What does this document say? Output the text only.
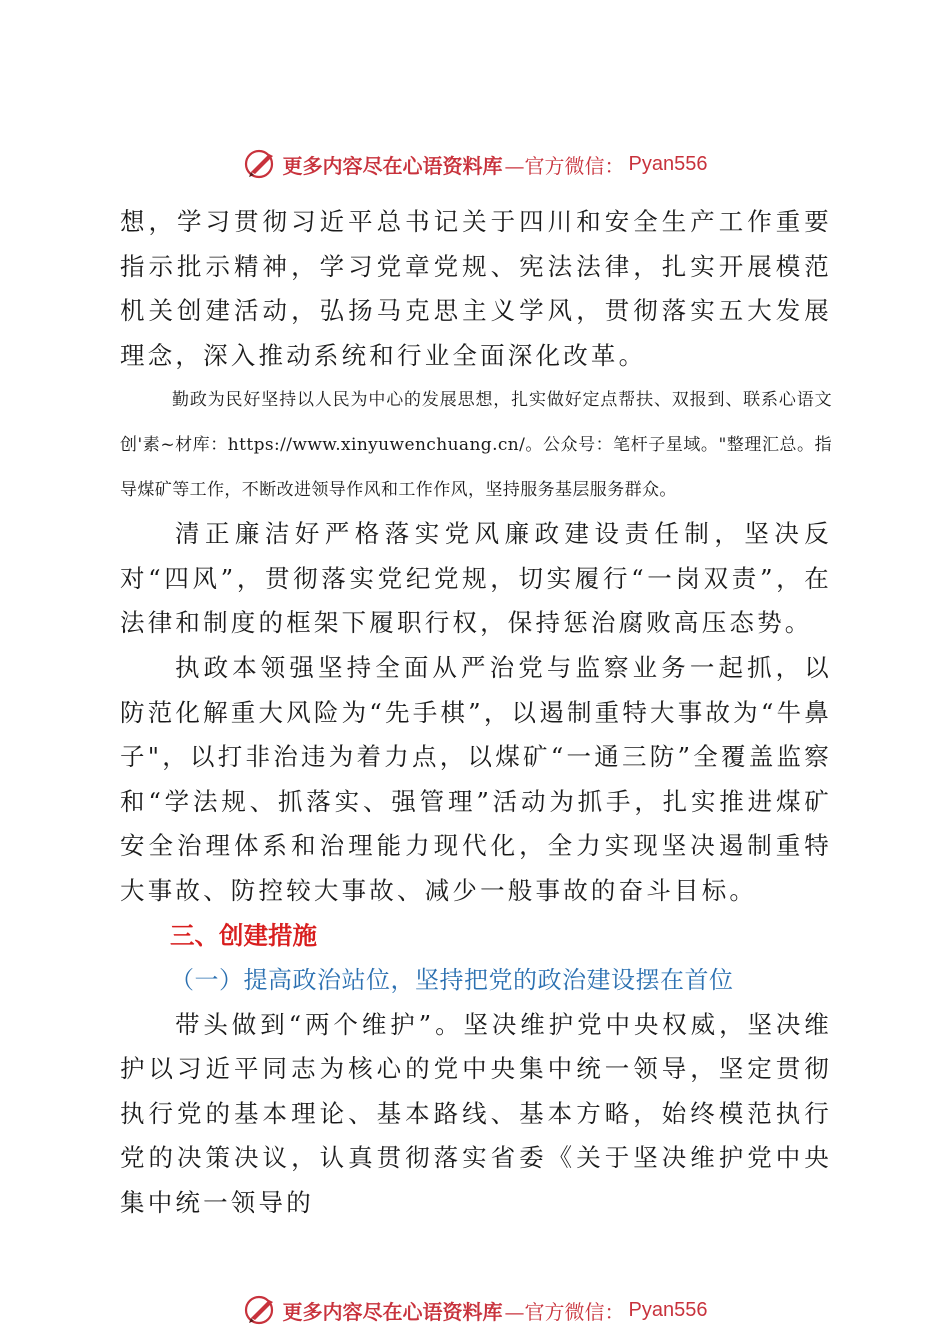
更多内容尽在心语资料库 —官方微信： Pyan556

想，学习贯彻习近平总书记关于四川和安全生产工作重要指示批示精神，学习党章党规、宪法法律，扎实开展模范机关创建活动，弘扬马克思主义学风，贯彻落实五大发展理念，深入推动系统和行业全面深化改革。

勤政为民好坚持以人民为中心的发展思想，扎实做好定点帮扶、双报到、联系心语文创'素~材库：https://www.xinyuwenchuang.cn/。公众号：笔杆子星域。"整理汇总。指导煤矿等工作，不断改进领导作风和工作作风，坚持服务基层服务群众。

清正廉洁好严格落实党风廉政建设责任制，坚决反对“四风”，贯彻落实党纪党规，切实履行“一岗双责”，在法律和制度的框架下履职行权，保持惩治腐败高压态势。

执政本领强坚持全面从严治党与监察业务一起抓，以防范化解重大风险为“先手棋”，以遏制重特大事故为“牛鼻子"，以打非治违为着力点，以煤矿“一通三防”全覆盖监察和“学法规、抓落实、强管理”活动为抓手，扎实推进煤矿安全治理体系和治理能力现代化，全力实现坚决遏制重特大事故、防控较大事故、减少一般事故的奋斗目标。

三、创建措施

（一）提高政治站位，坚持把党的政治建设摆在首位

带头做到“两个维护”。坚决维护党中央权威，坚决维护以习近平同志为核心的党中央集中统一领导，坚定贯彻执行党的基本理论、基本路线、基本方略，始终模范执行党的决策决议，认真贯彻落实省委《关于坚决维护党中央集中统一领导的

更多内容尽在心语资料库 —官方微信： Pyan556
